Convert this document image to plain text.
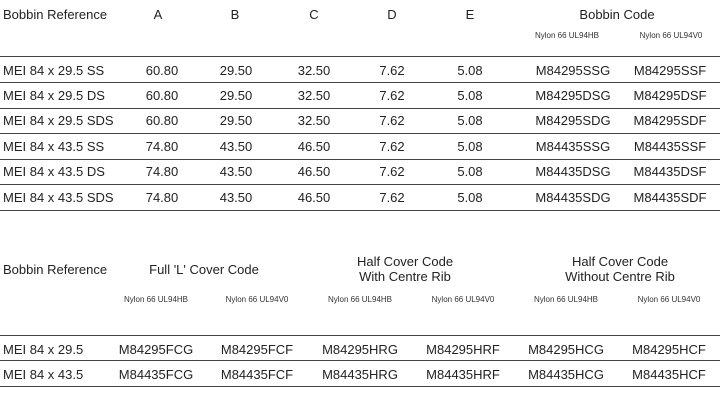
Bobbin Reference	A	B	C	D	E	Bobbin Code
Nylon 66 UL94HB	Nylon 66 UL94V0
MEI 84 x 29.5 SS	60.80	29.50	32.50	7.62	5.08	M84295SSG M84295SSF
MEI 84 x 29.5 DS	60.80	29.50	32.50	7.62	5.08	M84295DSG M84295DSF
MEI 84 x 29.5 SDS 60.80	29.50	32.50	7.62	5.08	M84295SDG M84295SDF
MEI 84 x 43.5 SS	74.80	43.50	46.50	7.62	5.08	M84435SSG M84435SSF
MEI 84 x 43.5 DS	74.80	43.50	46.50	7.62	5.08	M84435DSG M84435DSF
MEI 84 x 43.5 SDS 74.80	43.50	46.50	7.62	5.08	M84435SDG M84435SDF
Bobbin Reference	Full 'L' Cover Code
Half Cover Code
With Centre Rib
Half Cover Code
Without Centre Rib
Nylon 66 UL94HB	Nylon 66 UL94V0	Nylon 66 UL94HB	Nylon 66 UL94V0	Nylon 66 UL94HB	Nylon 66 UL94V0
MEI 84 x 29.5	M84295FCG M84295FCF M84295HRG M84295HRF M84295HCG M84295HCF
MEI 84 x 43.5	M84435FCG M84435FCF M84435HRG M84435HRF M84435HCG M84435HCF
